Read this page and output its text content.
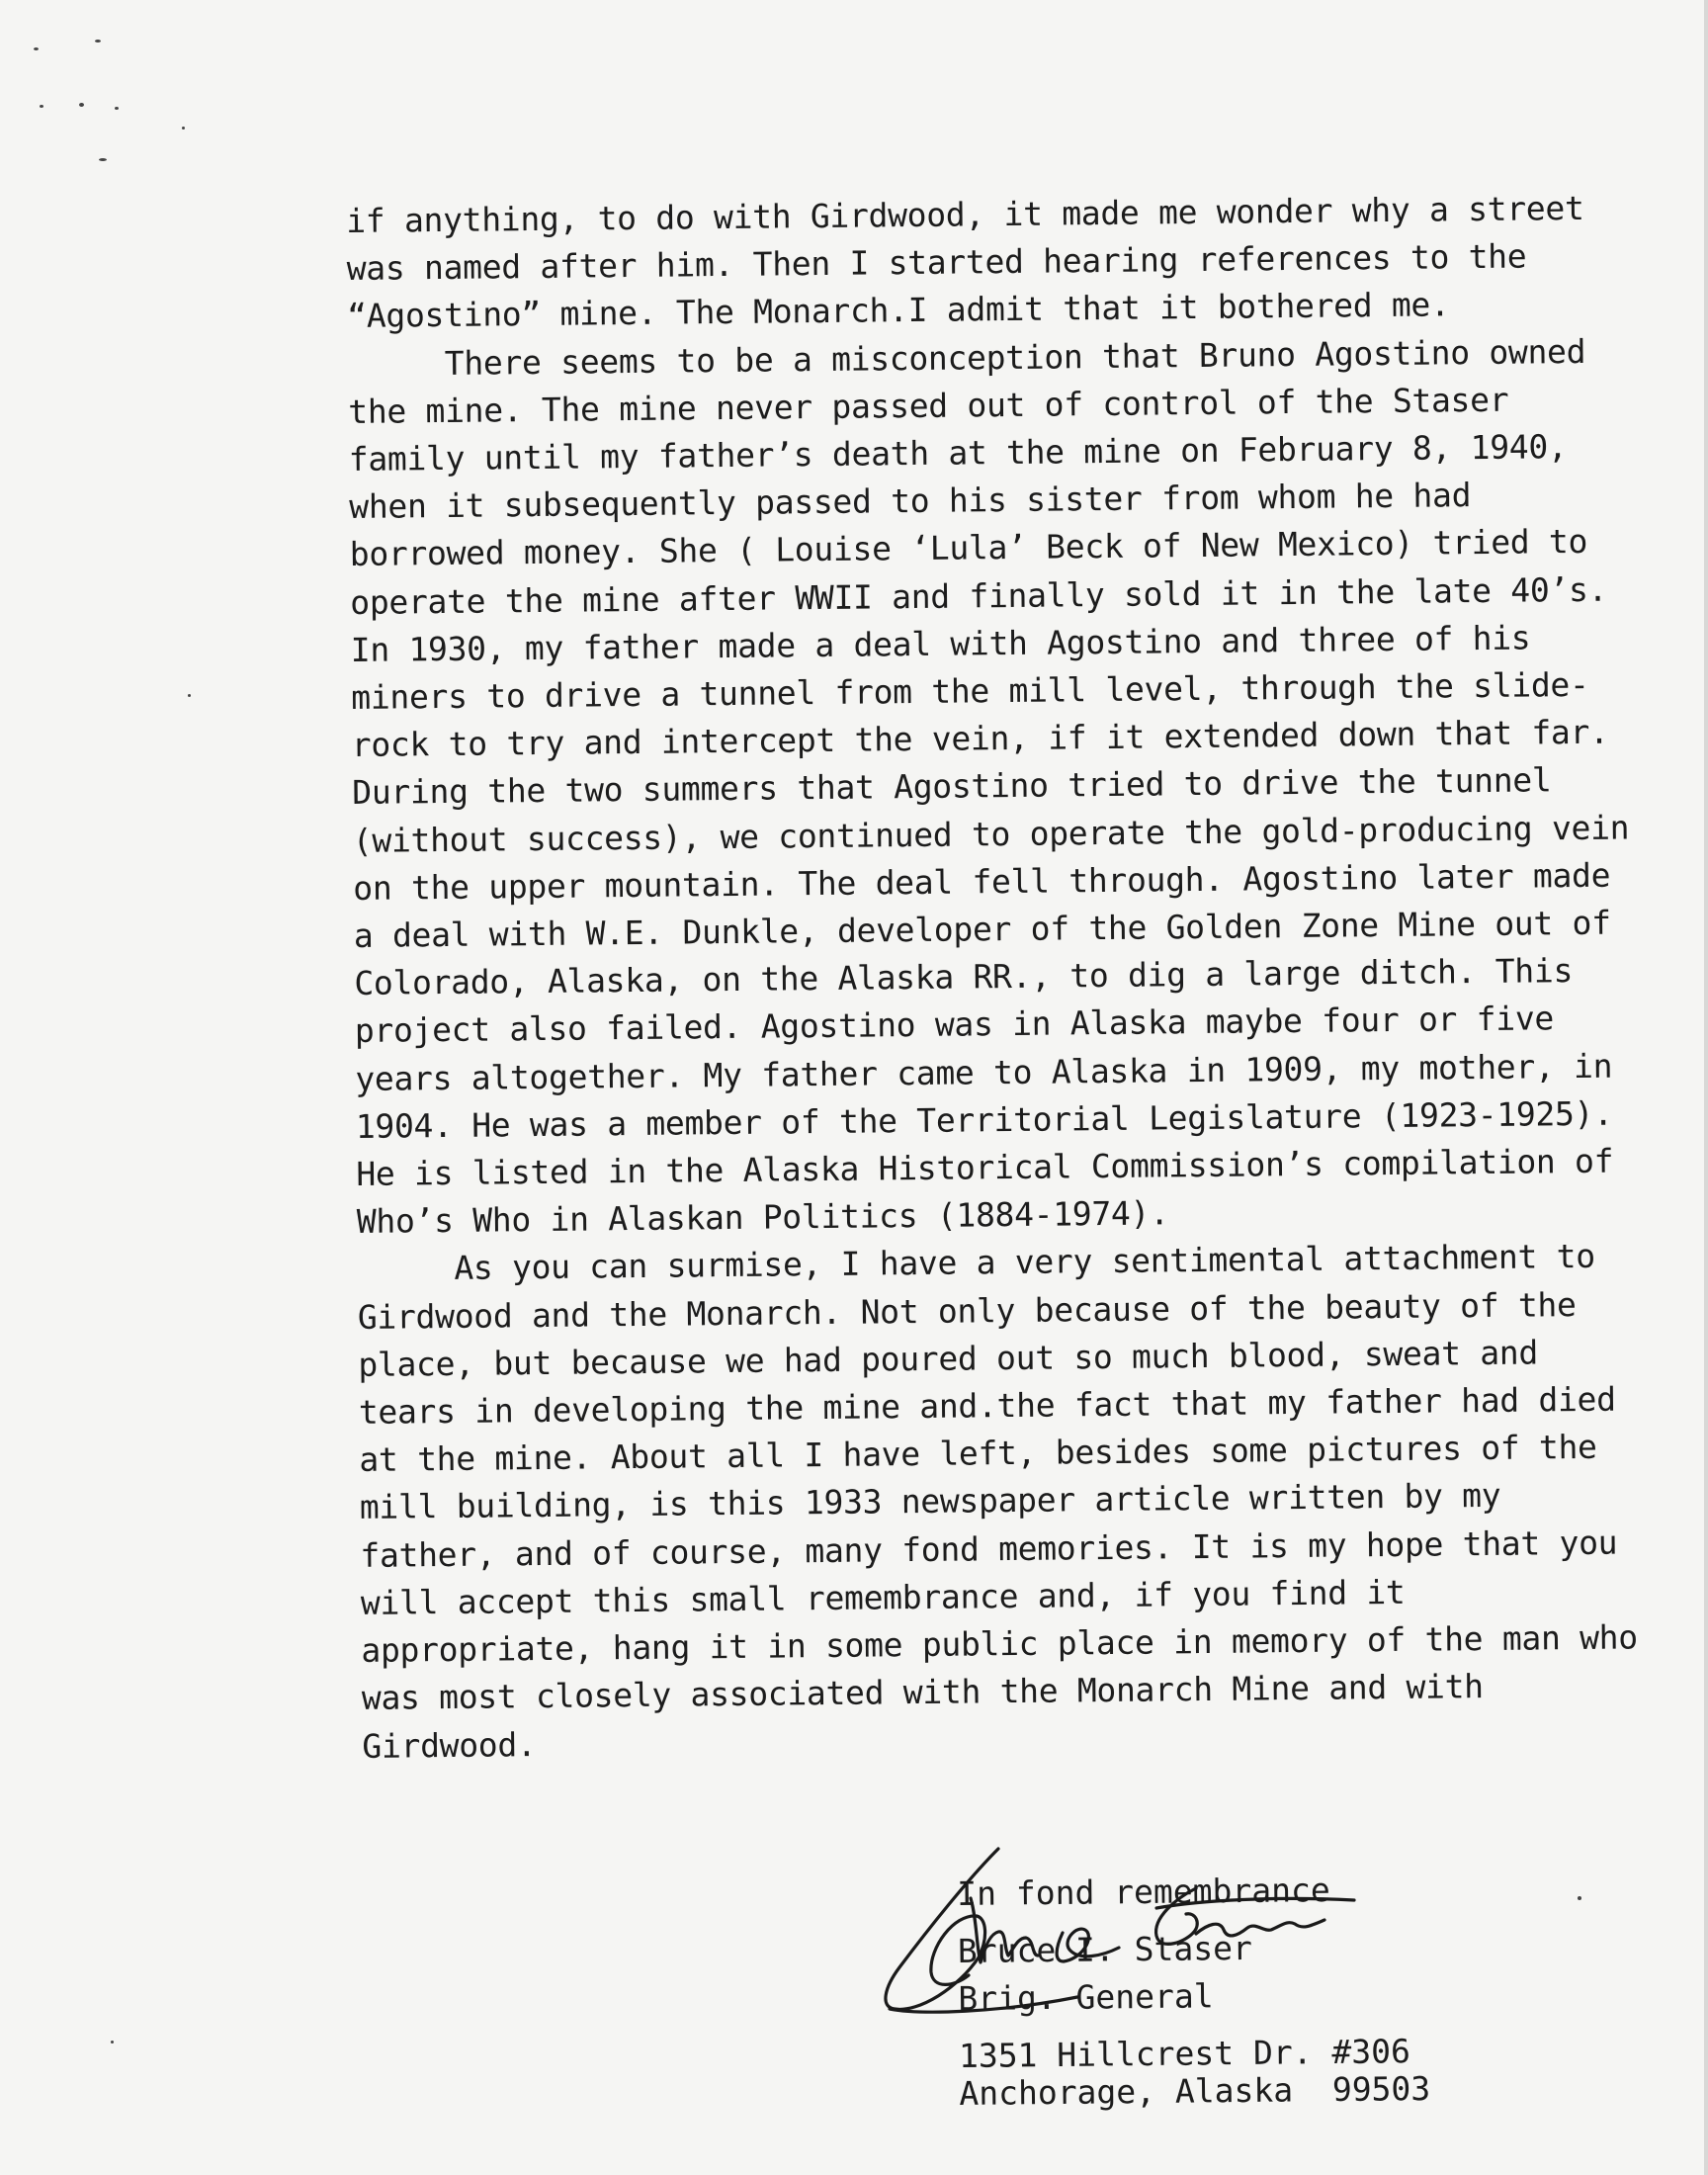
if anything, to do with Girdwood, it made me wonder why a street was named after him. Then I started hearing references to the “Agostino” mine. The Monarch.I admit that it bothered me.

There seems to be a misconception that Bruno Agostino owned the mine. The mine never passed out of control of the Staser family until my father’s death at the mine on February 8, 1940, when it subsequently passed to his sister from whom he had borrowed money. She ( Louise ‘Lula’ Beck of New Mexico) tried to operate the mine after WWII and finally sold it in the late 40’s. In 1930, my father made a deal with Agostino and three of his miners to drive a tunnel from the mill level, through the slide-rock to try and intercept the vein, if it extended down that far. During the two summers that Agostino tried to drive the tunnel (without success), we continued to operate the gold-producing vein on the upper mountain. The deal fell through. Agostino later made a deal with W.E. Dunkle, developer of the Golden Zone Mine out of Colorado, Alaska, on the Alaska RR., to dig a large ditch. This project also failed. Agostino was in Alaska maybe four or five years altogether. My father came to Alaska in 1909, my mother, in 1904. He was a member of the Territorial Legislature (1923-1925). He is listed in the Alaska Historical Commission’s compilation of Who’s Who in Alaskan Politics (1884-1974).

As you can surmise, I have a very sentimental attachment to Girdwood and the Monarch. Not only because of the beauty of the place, but because we had poured out so much blood, sweat and tears in developing the mine and.the fact that my father had died at the mine. About all I have left, besides some pictures of the mill building, is this 1933 newspaper article written by my father, and of course, many fond memories. It is my hope that you will accept this small remembrance and, if you find it appropriate, hang it in some public place in memory of the man who was most closely associated with the Monarch Mine and with Girdwood.

In fond remembrance
Bruce I. Staser
Brig. General
1351 Hillcrest Dr. #306
Anchorage, Alaska  99503
